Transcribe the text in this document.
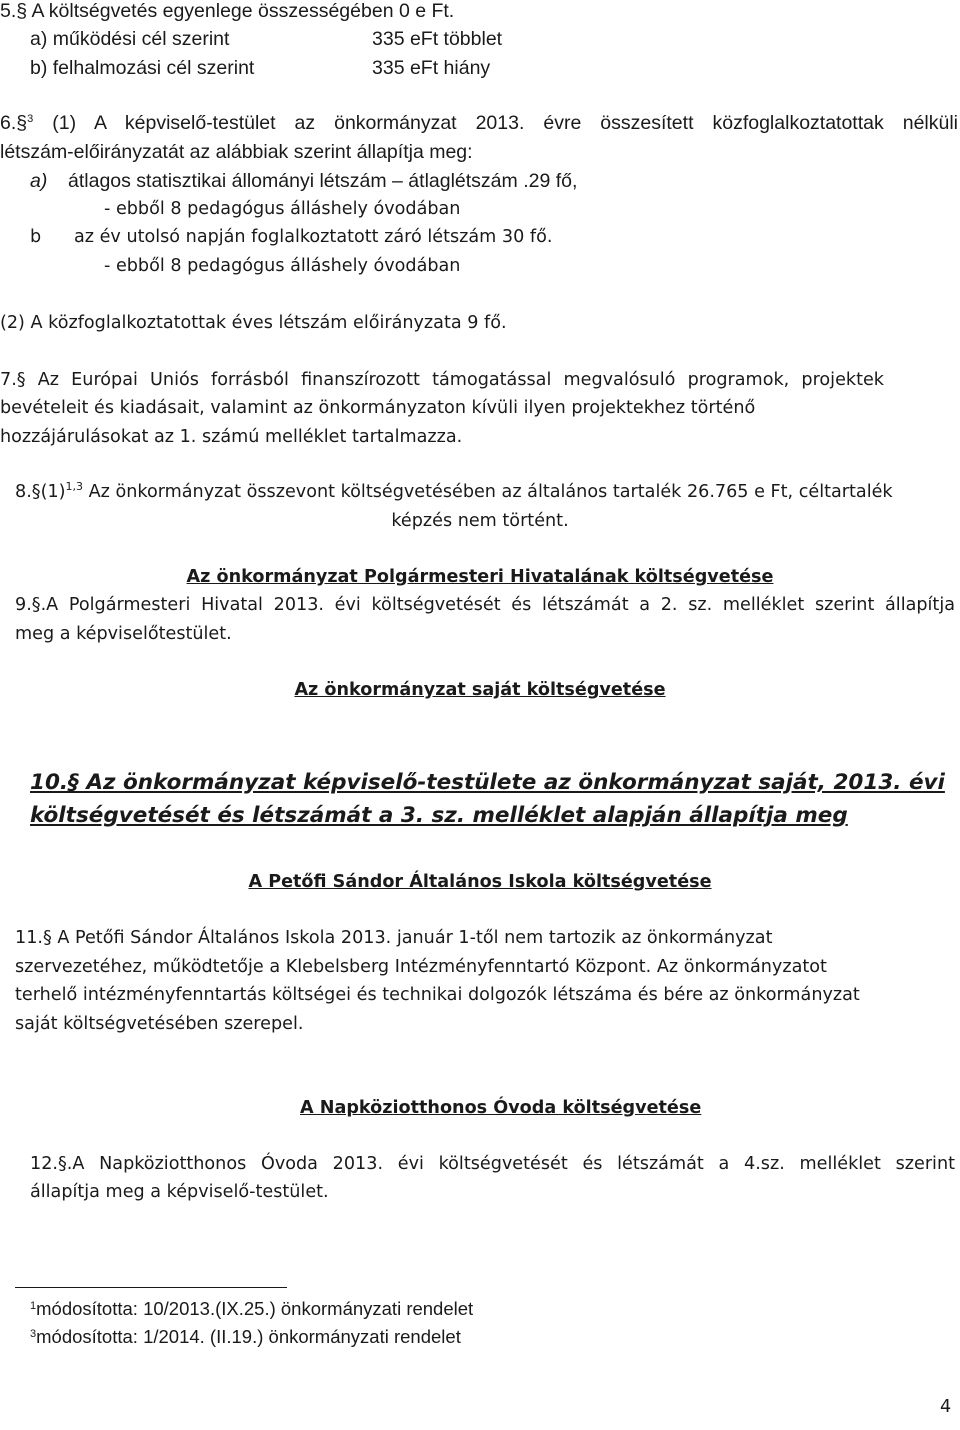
5.§ A költségvetés egyenlege összességében 0 e Ft.
a) működési cél szerint	335 eFt többlet
b) felhalmozási cél szerint	335 eFt hiány
6.§$^3$ (1) A képviselő-testület az önkormányzat 2013. évre összesített közfoglalkoztatottak nélküli
létszám-előirányzatát az alábbiak szerint állapítja meg:
a) átlagos statisztikai állományi létszám – átlaglétszám .29 fő,
- ebből 8 pedagógus álláshely óvodában
b az év utolsó napján foglalkoztatott záró létszám 30 fő.
- ebből 8 pedagógus álláshely óvodában
(2) A közfoglalkoztatottak éves létszám előirányzata 9 fő.
7.§ Az Európai Uniós forrásból finanszírozott támogatással megvalósuló programok, projektek
bevételeit és kiadásait, valamint az önkormányzaton kívüli ilyen projektekhez történő
hozzájárulásokat az 1. számú melléklet tartalmazza.
$8.\S(1)^{1,3}$ Az önkormányzat összevont költségvetésében az általános tartalék 26.765 e Ft, céltartalék
képzés nem történt.
Az önkormányzat Polgármesteri Hivatalának költségvetése
9.§.A Polgármesteri Hivatal 2013. évi költségvetését és létszámát a 2. sz. melléklet szerint állapítja
meg a képviselőtestület.
Az önkormányzat saját költségvetése
10.§ Az önkormányzat képviselő-testülete az önkormányzat saját, 2013. évi
költségvetését és létszámát a 3. sz. melléklet alapján állapítja meg
A Petőfi Sándor Általános Iskola költségvetése
11.§ A Petőfi Sándor Általános Iskola 2013. január 1-től nem tartozik az önkormányzat
szervezetéhez, működtetője a Klebelsberg Intézményfenntartó Központ. Az önkormányzatot
terhelő intézményfenntartás költségei és technikai dolgozók létszáma és bére az önkormányzat
saját költségvetésében szerepel.
A Napköziotthonos Óvoda költségvetése
12.§.A Napköziotthonos Óvoda 2013. évi költségvetését és létszámát a 4.sz. melléklet szerint
állapítja meg a képviselő-testület.
$^1$módosította: 10/2013.(IX.25.) önkormányzati rendelet
$^3$módosította: 1/2014. (II.19.) önkormányzati rendelet
4
